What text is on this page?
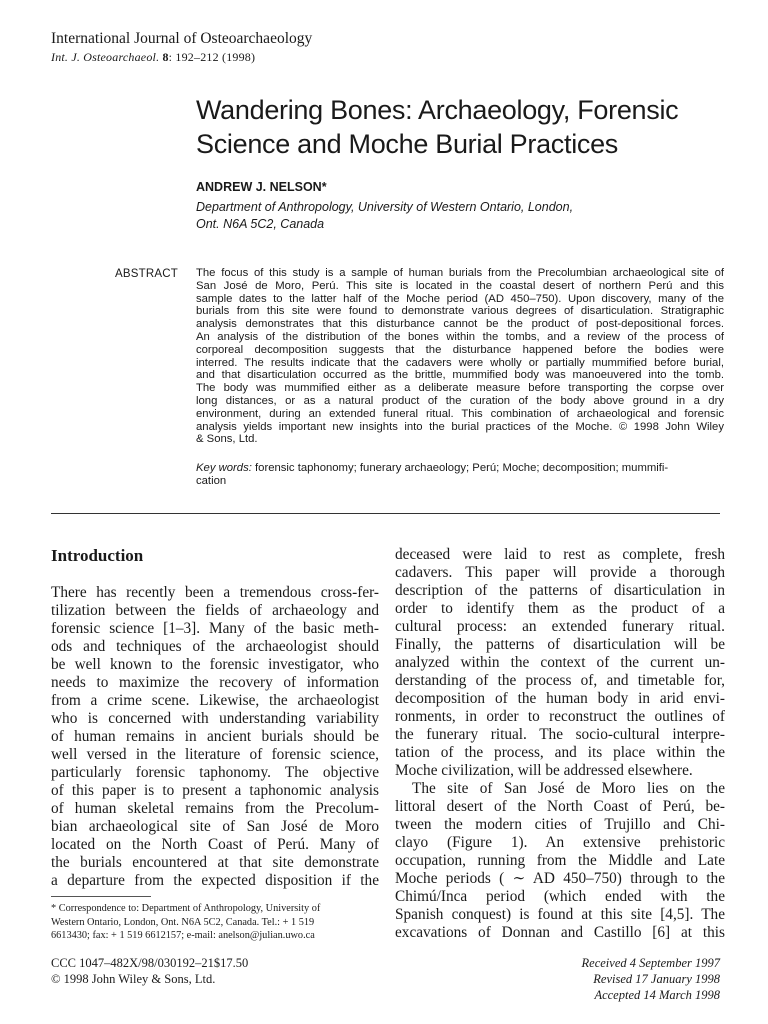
International Journal of Osteoarchaeology
Int. J. Osteoarchaeol. 8: 192–212 (1998)
Wandering Bones: Archaeology, Forensic
Science and Moche Burial Practices
ANDREW J. NELSON*
Department of Anthropology, University of Western Ontario, London,
Ont. N6A 5C2, Canada
ABSTRACT The focus of this study is a sample of human burials from the Precolumbian archaeological site of
San José de Moro, Perú. This site is located in the coastal desert of northern Perú and this
sample dates to the latter half of the Moche period (AD 450–750). Upon discovery, many of the
burials from this site were found to demonstrate various degrees of disarticulation. Stratigraphic
analysis demonstrates that this disturbance cannot be the product of post-depositional forces.
An analysis of the distribution of the bones within the tombs, and a review of the process of
corporeal decomposition suggests that the disturbance happened before the bodies were
interred. The results indicate that the cadavers were wholly or partially mummified before burial,
and that disarticulation occurred as the brittle, mummified body was manoeuvered into the tomb.
The body was mummified either as a deliberate measure before transporting the corpse over
long distances, or as a natural product of the curation of the body above ground in a dry
environment, during an extended funeral ritual. This combination of archaeological and forensic
analysis yields important new insights into the burial practices of the Moche. © 1998 John Wiley
& Sons, Ltd.
Key words: forensic taphonomy; funerary archaeology; Perú; Moche; decomposition; mummifi-
cation
Introduction
There has recently been a tremendous cross-fer-
tilization between the fields of archaeology and
forensic science [1–3]. Many of the basic meth-
ods and techniques of the archaeologist should
be well known to the forensic investigator, who
needs to maximize the recovery of information
from a crime scene. Likewise, the archaeologist
who is concerned with understanding variability
of human remains in ancient burials should be
well versed in the literature of forensic science,
particularly forensic taphonomy. The objective
of this paper is to present a taphonomic analysis
of human skeletal remains from the Precolum-
bian archaeological site of San José de Moro
located on the North Coast of Perú. Many of
the burials encountered at that site demonstrate
a departure from the expected disposition if the
deceased were laid to rest as complete, fresh
cadavers. This paper will provide a thorough
description of the patterns of disarticulation in
order to identify them as the product of a
cultural process: an extended funerary ritual.
Finally, the patterns of disarticulation will be
analyzed within the context of the current un-
derstanding of the process of, and timetable for,
decomposition of the human body in arid envi-
ronments, in order to reconstruct the outlines of
the funerary ritual. The socio-cultural interpre-
tation of the process, and its place within the
Moche civilization, will be addressed elsewhere.
The site of San José de Moro lies on the
littoral desert of the North Coast of Perú, be-
tween the modern cities of Trujillo and Chi-
clayo (Figure 1). An extensive prehistoric
occupation, running from the Middle and Late
Moche periods ( ∼ AD 450–750) through to the
Chimú/Inca period (which ended with the
Spanish conquest) is found at this site [4,5]. The
excavations of Donnan and Castillo [6] at this
* Correspondence to: Department of Anthropology, University of
Western Ontario, London, Ont. N6A 5C2, Canada. Tel.: + 1 519
6613430; fax: + 1 519 6612157; e-mail: anelson@julian.uwo.ca
CCC 1047–482X/98/030192–21$17.50
© 1998 John Wiley & Sons, Ltd.
Received 4 September 1997
Revised 17 January 1998
Accepted 14 March 1998
